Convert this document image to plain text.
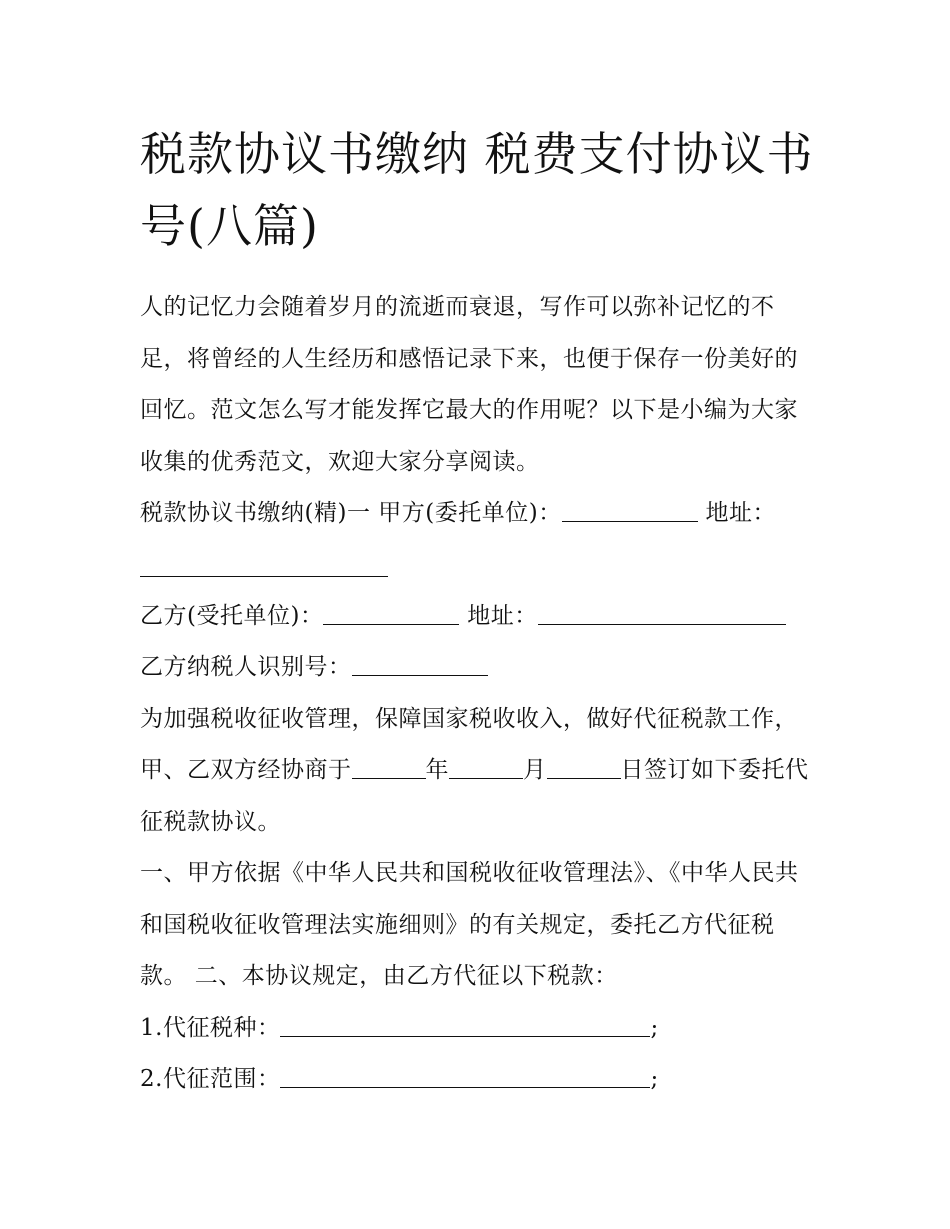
税款协议书缴纳 税费支付协议书号(八篇)

人的记忆力会随着岁月的流逝而衰退，写作可以弥补记忆的不足，将曾经的人生经历和感悟记录下来，也便于保存一份美好的回忆。范文怎么写才能发挥它最大的作用呢？以下是小编为大家收集的优秀范文，欢迎大家分享阅读。

税款协议书缴纳(精)一 甲方(委托单位)：	地址：

乙方(受托单位)：	地址：

乙方纳税人识别号：

为加强税收征收管理，保障国家税收收入，做好代征税款工作，甲、乙双方经协商于	年	月	日签订如下委托代征税款协议。

一、甲方依据《中华人民共和国税收征收管理法》、《中华人民共和国税收征收管理法实施细则》的有关规定，委托乙方代征税款。 二、本协议规定，由乙方代征以下税款：

1.代征税种：	;

2.代征范围：	;
